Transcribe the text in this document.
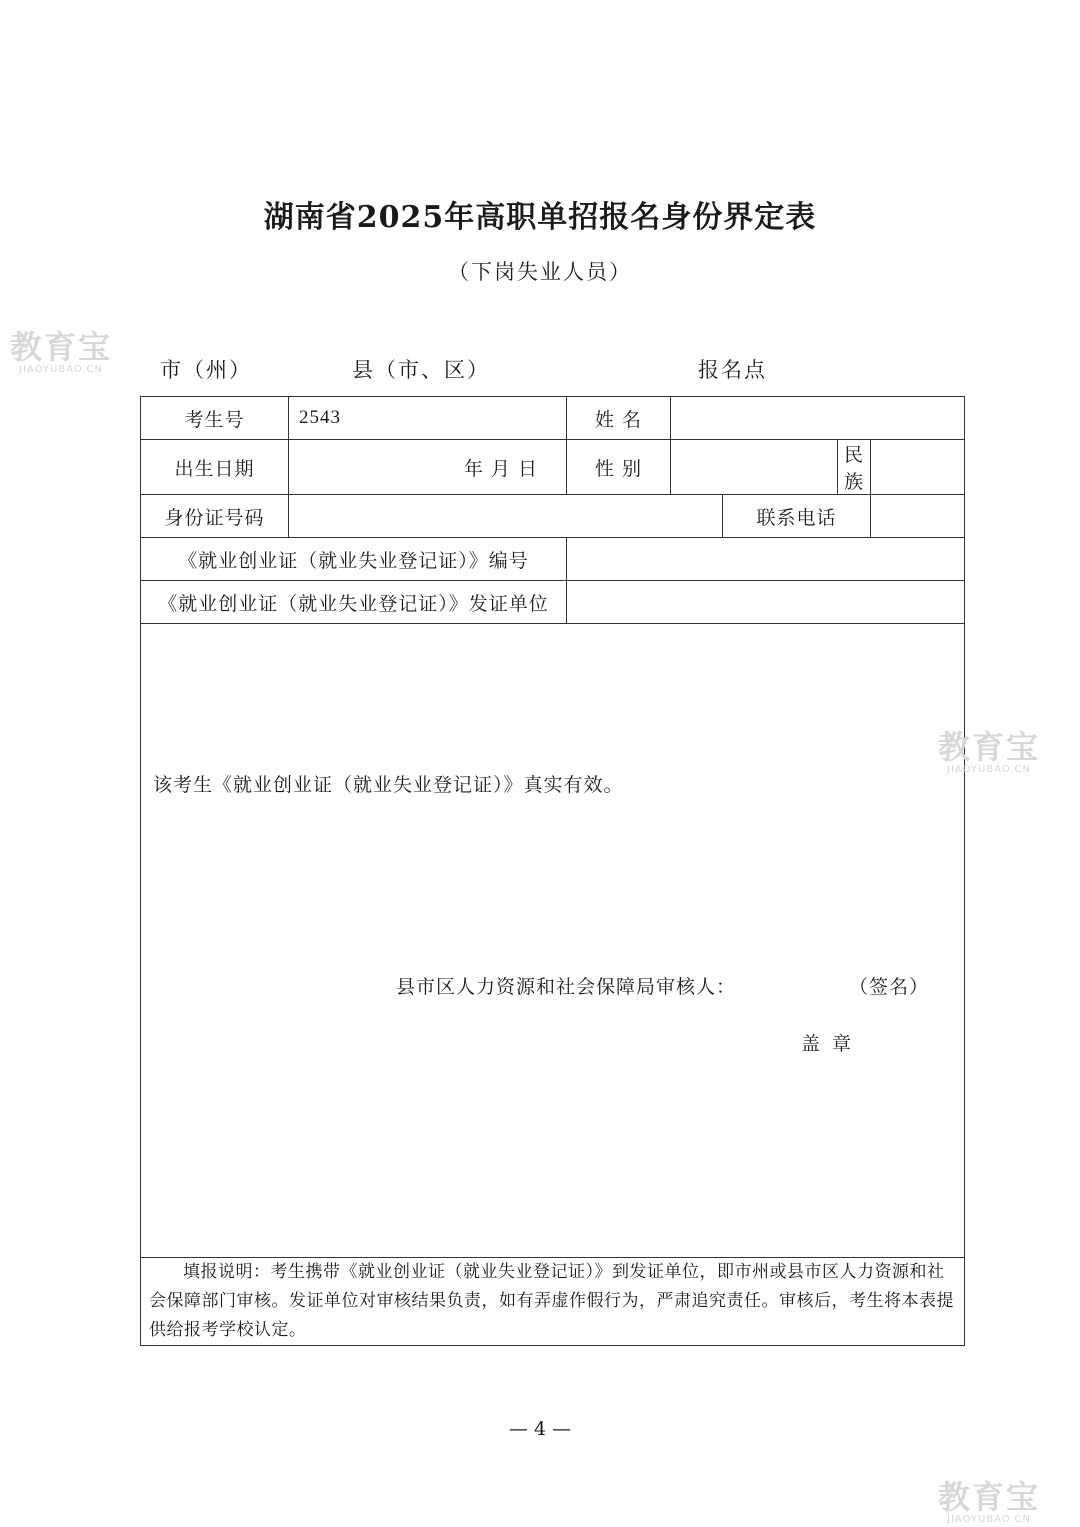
湖南省2025年高职单招报名身份界定表
（下岗失业人员）
市（州）	县（市、区）	报名点
考生号	2543	姓 名				
出生日期	年 月 日	性 别			民 族	
身份证号码				联系电话		
《就业创业证（就业失业登记证）》编号						
《就业创业证（就业失业登记证）》发证单位						

该考生《就业创业证（就业失业登记证）》真实有效。
县市区人力资源和社会保障局审核人： （签名）
盖章						

填报说明：考生携带《就业创业证（就业失业登记证）》到发证单位，即市州或县市区人力资源和社会保障部门审核。发证单位对审核结果负责，如有弄虚作假行为，严肃追究责任。审核后，考生将本表提供给报考学校认定。						
— 4 —
教育宝
JIAOYUBAO.CN
教育宝
JIAOYUBAO.CN
教育宝
JIAOYUBAO.CN
